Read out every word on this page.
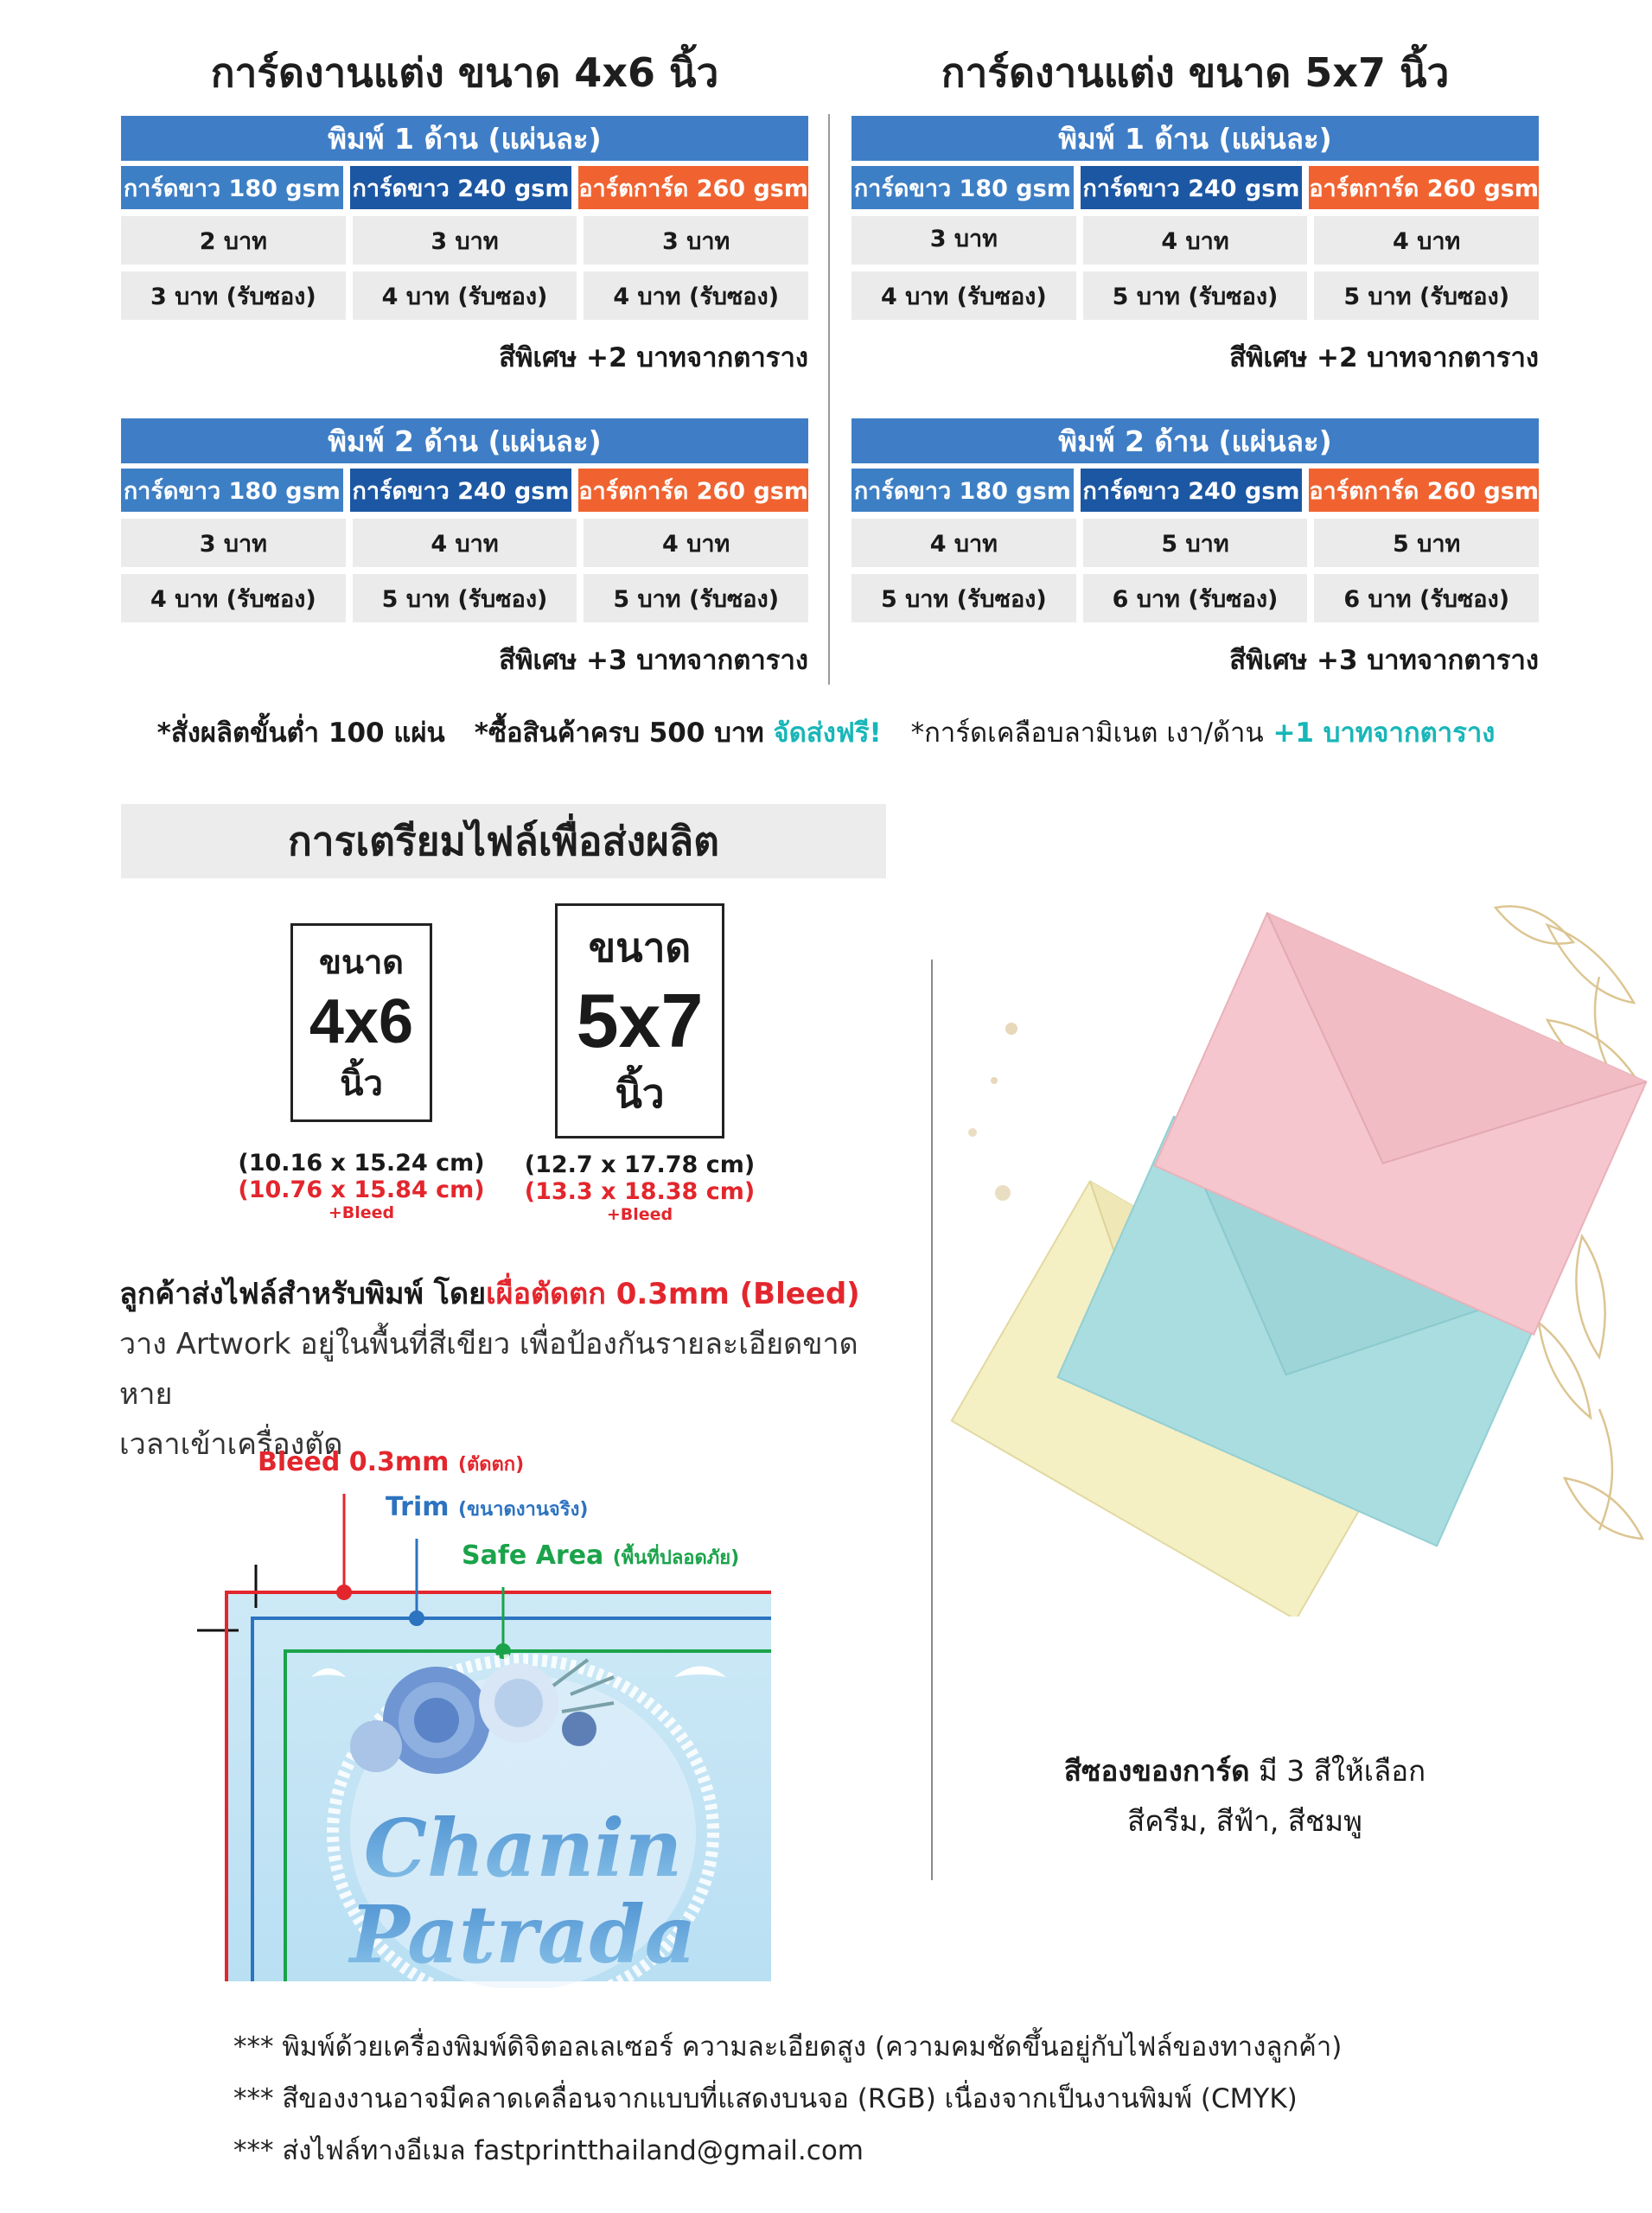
การ์ดงานแต่ง ขนาด 4x6 นิ้ว	การ์ดงานแต่ง ขนาด 5x7 นิ้ว
พิมพ์ 1 ด้าน (แผ่นละ)
การ์ดขาว 180 gsm การ์ดขาว 240 gsm อาร์ตการ์ด 260 gsm
2 บาท	3 บาท	3 บาท
3 บาท (รับซอง)	4 บาท (รับซอง)	4 บาท (รับซอง)
สีพิเศษ +2 บาทจากตาราง
พิมพ์ 1 ด้าน (แผ่นละ)
การ์ดขาว 180 gsm การ์ดขาว 240 gsm อาร์ตการ์ด 260 gsm
3 บาท	4 บาท	4 บาท
4 บาท (รับซอง)	5 บาท (รับซอง)	5 บาท (รับซอง)
สีพิเศษ +2 บาทจากตาราง
พิมพ์ 2 ด้าน (แผ่นละ)
การ์ดขาว 180 gsm การ์ดขาว 240 gsm อาร์ตการ์ด 260 gsm
3 บาท	4 บาท	4 บาท
4 บาท (รับซอง)	5 บาท (รับซอง)	5 บาท (รับซอง)
สีพิเศษ +3 บาทจากตาราง
พิมพ์ 2 ด้าน (แผ่นละ)
การ์ดขาว 180 gsm การ์ดขาว 240 gsm อาร์ตการ์ด 260 gsm
4 บาท	5 บาท	5 บาท
5 บาท (รับซอง)	6 บาท (รับซอง)	6 บาท (รับซอง)
สีพิเศษ +3 บาทจากตาราง
*สั่งผลิตขั้นต่ำ 100 แผ่น *ซื้อสินค้าครบ 500 บาท จัดส่งฟรี! *การ์ดเคลือบลามิเนต เงา/ด้าน +1 บาทจากตาราง
การเตรียมไฟล์เพื่อส่งผลิต
ขนาด
4x6
นิ้ว
(10.16 x 15.24 cm)
(10.76 x 15.84 cm)
+Bleed
ขนาด
5x7
นิ้ว
(12.7 x 17.78 cm)
(13.3 x 18.38 cm)
+Bleed
ลูกค้าส่งไฟล์สำหรับพิมพ์ โดยเผื่อตัดตก 0.3mm (Bleed)
วาง Artwork อยู่ในพื้นที่สีเขียว เพื่อป้องกันรายละเอียดขาดหาย
เวลาเข้าเครื่องตัด
Bleed 0.3mm (ตัดตก)
Trim (ขนาดงานจริง)
Safe Area (พื้นที่ปลอดภัย)
Chanin
Patrada
สีซองของการ์ด มี 3 สีให้เลือก
สีครีม, สีฟ้า, สีชมพู
*** พิมพ์ด้วยเครื่องพิมพ์ดิจิตอลเลเซอร์ ความละเอียดสูง (ความคมชัดขึ้นอยู่กับไฟล์ของทางลูกค้า)
*** สีของงานอาจมีคลาดเคลื่อนจากแบบที่แสดงบนจอ (RGB) เนื่องจากเป็นงานพิมพ์ (CMYK)
*** ส่งไฟล์ทางอีเมล fastprintthailand@gmail.com
